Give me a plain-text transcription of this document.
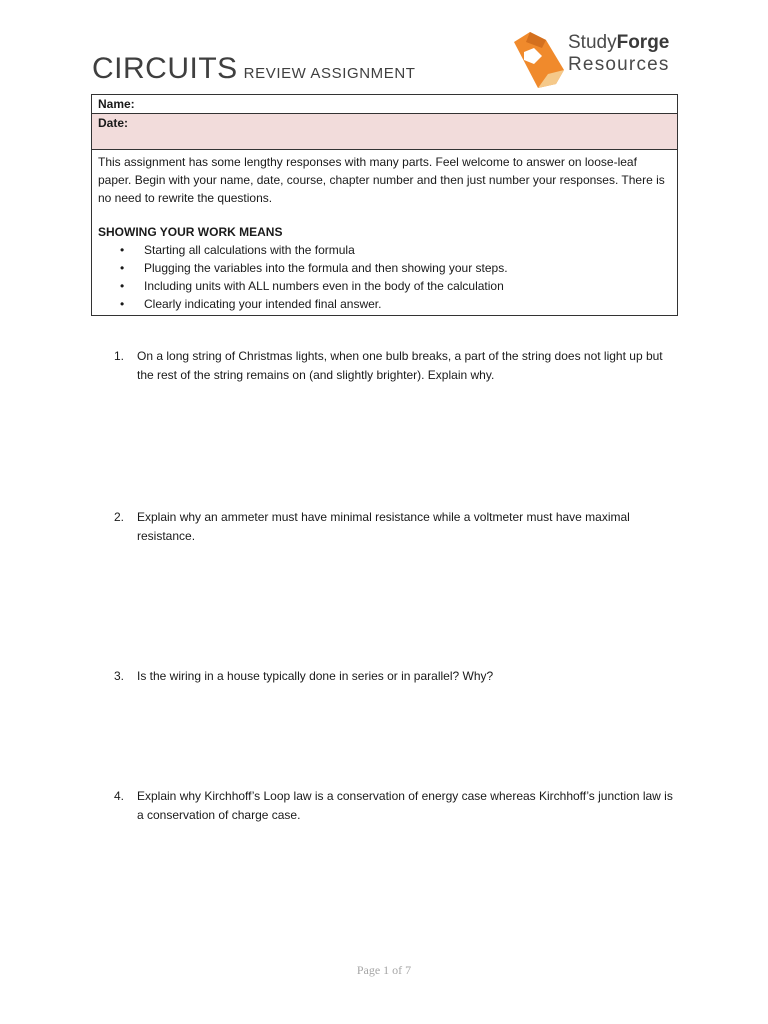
CIRCUITS REVIEW ASSIGNMENT
StudyForge
Resources
Name:
Date:

This assignment has some lengthy responses with many parts. Feel welcome to answer on loose-leaf paper. Begin with your name, date, course, chapter number and then just number your responses. There is no need to rewrite the questions.

SHOWING YOUR WORK MEANS

• Starting all calculations with the formula
• Plugging the variables into the formula and then showing your steps.
• Including units with ALL numbers even in the body of the calculation
• Clearly indicating your intended final answer.
1. On a long string of Christmas lights, when one bulb breaks, a part of the string does not light up but the rest of the string remains on (and slightly brighter). Explain why.
2. Explain why an ammeter must have minimal resistance while a voltmeter must have maximal resistance.
3. Is the wiring in a house typically done in series or in parallel? Why?
4. Explain why Kirchhoff’s Loop law is a conservation of energy case whereas Kirchhoff’s junction law is a conservation of charge case.
Page 1 of 7
